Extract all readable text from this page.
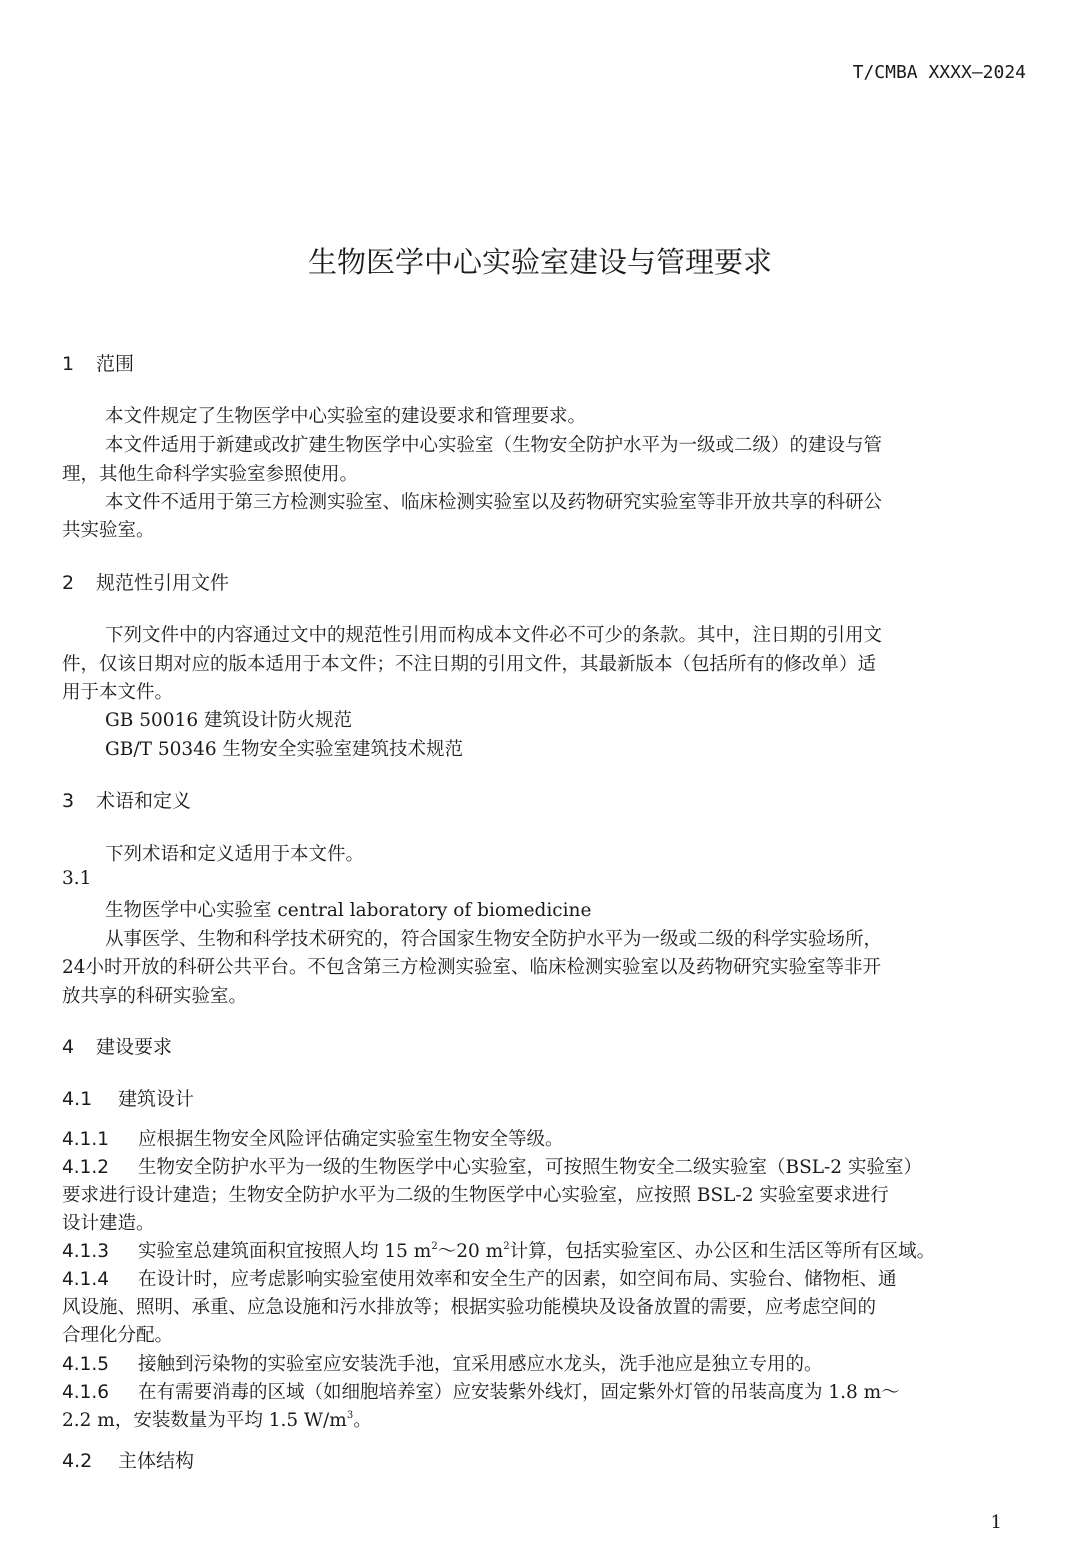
T/CMBA XXXX—2024
生物医学中心实验室建设与管理要求
1 范围
本文件规定了生物医学中心实验室的建设要求和管理要求。
本文件适用于新建或改扩建生物医学中心实验室（生物安全防护水平为一级或二级）的建设与管
理，其他生命科学实验室参照使用。
本文件不适用于第三方检测实验室、临床检测实验室以及药物研究实验室等非开放共享的科研公
共实验室。
2 规范性引用文件
下列文件中的内容通过文中的规范性引用而构成本文件必不可少的条款。其中，注日期的引用文
件，仅该日期对应的版本适用于本文件；不注日期的引用文件，其最新版本（包括所有的修改单）适
用于本文件。
GB 50016 建筑设计防火规范
GB/T 50346 生物安全实验室建筑技术规范
3 术语和定义
下列术语和定义适用于本文件。
3.1
生物医学中心实验室 central laboratory of biomedicine
从事医学、生物和科学技术研究的，符合国家生物安全防护水平为一级或二级的科学实验场所，
24小时开放的科研公共平台。不包含第三方检测实验室、临床检测实验室以及药物研究实验室等非开
放共享的科研实验室。
4 建设要求
4.1 建筑设计
4.1.1 应根据生物安全风险评估确定实验室生物安全等级。
4.1.2 生物安全防护水平为一级的生物医学中心实验室，可按照生物安全二级实验室（BSL-2 实验室）
要求进行设计建造；生物安全防护水平为二级的生物医学中心实验室，应按照 BSL-2 实验室要求进行
设计建造。
4.1.3 实验室总建筑面积宜按照人均 15 $m^2\sim 20$ $m^2$计算，包括实验室区、办公区和生活区等所有区域。
4.1.4 在设计时，应考虑影响实验室使用效率和安全生产的因素，如空间布局、实验台、储物柜、通
风设施、照明、承重、应急设施和污水排放等；根据实验功能模块及设备放置的需要，应考虑空间的
合理化分配。
4.1.5 接触到污染物的实验室应安装洗手池，宜采用感应水龙头，洗手池应是独立专用的。
4.1.6 在有需要消毒的区域（如细胞培养室）应安装紫外线灯，固定紫外灯管的吊装高度为 1.8 m～
2.2 m，安装数量为平均 1.5 $W/m^3$。
4.2 主体结构
1
